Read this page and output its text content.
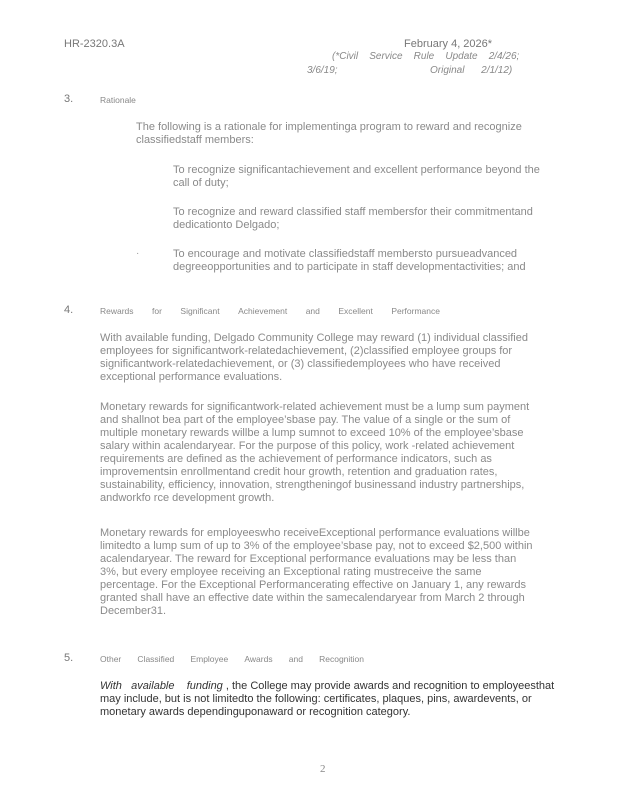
HR-2320.3A	February 4, 2026*
(*Civil    Service    Rule    Update    2/4/26;
3/6/19;	Original      2/1/12)
3.	Rationale
The following is a rationale for implementinga program to reward and recognize
classifiedstaff members:
To recognize significantachievement and excellent performance beyond the
call of duty;
To recognize and reward classified staff membersfor their commitmentand
dedicationto Delgado;
·	To encourage and motivate classifiedstaff membersto pursueadvanced
degreeopportunities and to participate in staff developmentactivities; and
4.	Rewards for Significant Achievement and Excellent Performance
With available funding, Delgado Community College may reward (1) individual classified
employees for significantwork-relatedachievement, (2)classified employee groups for
significantwork-relatedachievement, or (3) classifiedemployees who have received
exceptional performance evaluations.
Monetary rewards for significantwork-related achievement must be a lump sum payment
and shallnot bea part of the employee’sbase pay. The value of a single or the sum of
multiple monetary rewards willbe a lump sumnot to exceed 10% of the employee’sbase
salary within acalendaryear. For the purpose of this policy, work -related achievement
requirements are defined as the achievement of performance indicators, such as
improvementsin enrollmentand credit hour growth, retention and graduation rates,
sustainability, efficiency, innovation, strengtheningof businessand industry partnerships,
andworkfo rce development growth.
Monetary rewards for employeeswho receiveExceptional performance evaluations willbe
limitedto a lump sum of up to 3% of the employee’sbase pay, not to exceed $2,500 within
acalendaryear. The reward for Exceptional performance evaluations may be less than
3%, but every employee receiving an Exceptional rating mustreceive the same
percentage. For the Exceptional Performancerating effective on January 1, any rewards
granted shall have an effective date within the samecalendaryear from March 2 through
December31.
5.	Other Classified Employee Awards and Recognition
With   available    funding , the College may provide awards and recognition to employeesthat
may include, but is not limitedto the following: certificates, plaques, pins, awardevents, or
monetary awards dependinguponaward or recognition category.
2
